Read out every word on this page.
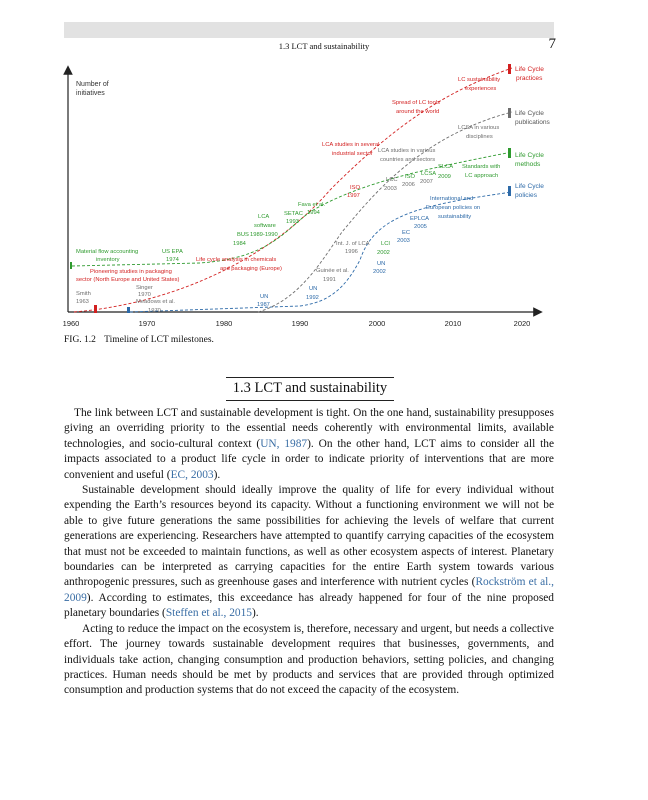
1.3 LCT and sustainability	7
1960	1970	1980	1990	2000	2010	2020
Number of
initiatives
Life Cycle
practices
Life Cycle
publications
Life Cycle
methods
Life Cycle
policies
Material flow accounting
inventory
US EPA
1974	Life cycle analysis in chemicals
and packaging (Europe)
Pioneering studies in packaging
sector (North Europe and United States)
Singer
1970
Smith
1963	Meadows et al.
1970
BUS
1984
LCA
software
1989-1990
UN
1987
SETAC
1993
Fava et al.
1994
Guinée et al.
1991
UN
1992
ISO
1997
LCA studies in several
industrial sector
Int. J. of LCA
1996
LCI
2002
UN
2002
EC
2003
EPLCA
2005
LCC
2003
ISO
2006
LCSA
2007
SLCA
2009
Spread of LC tools
around the world
LCA studies in various
countries and sectors
Standards with
LC approach
International and
European policies on
sustainability
LCSA in various
disciplines
LC sustainability
experiences
FIG. 1.2 Timeline of LCT milestones.
1.3 LCT and sustainability

The link between LCT and sustainable development is tight. On the one hand, sustainability presupposes giving an overriding priority to the essential needs coherently with environmental limits, available technologies, and socio-cultural context (UN, 1987). On the other hand, LCT aims to consider all the impacts associated to a product life cycle in order to indicate priority of interventions that are more convenient and useful (EC, 2003).

Sustainable development should ideally improve the quality of life for every individual without expending the Earth’s resources beyond its capacity. Without a functioning environment we will not be able to give future generations the same possibilities for achieving the levels of welfare that current generations are experiencing. Researchers have attempted to quantify carrying capacities of the ecosystem that must not be exceeded to maintain functions, as well as other ecosystem aspects of interest. Planetary boundaries can be interpreted as carrying capacities for the entire Earth system towards various anthropogenic pressures, such as greenhouse gases and interference with nutrient cycles (Rockström et al., 2009). According to estimates, this exceedance has already happened for four of the nine proposed planetary boundaries (Steffen et al., 2015).

Acting to reduce the impact on the ecosystem is, therefore, necessary and urgent, but needs a collective effort. The journey towards sustainable development requires that businesses, governments, and individuals take action, changing consumption and production behaviors, setting policies, and changing practices. Human needs should be met by products and services that are provided through optimized consumption and production systems that do not exceed the capacity of the ecosystem.
